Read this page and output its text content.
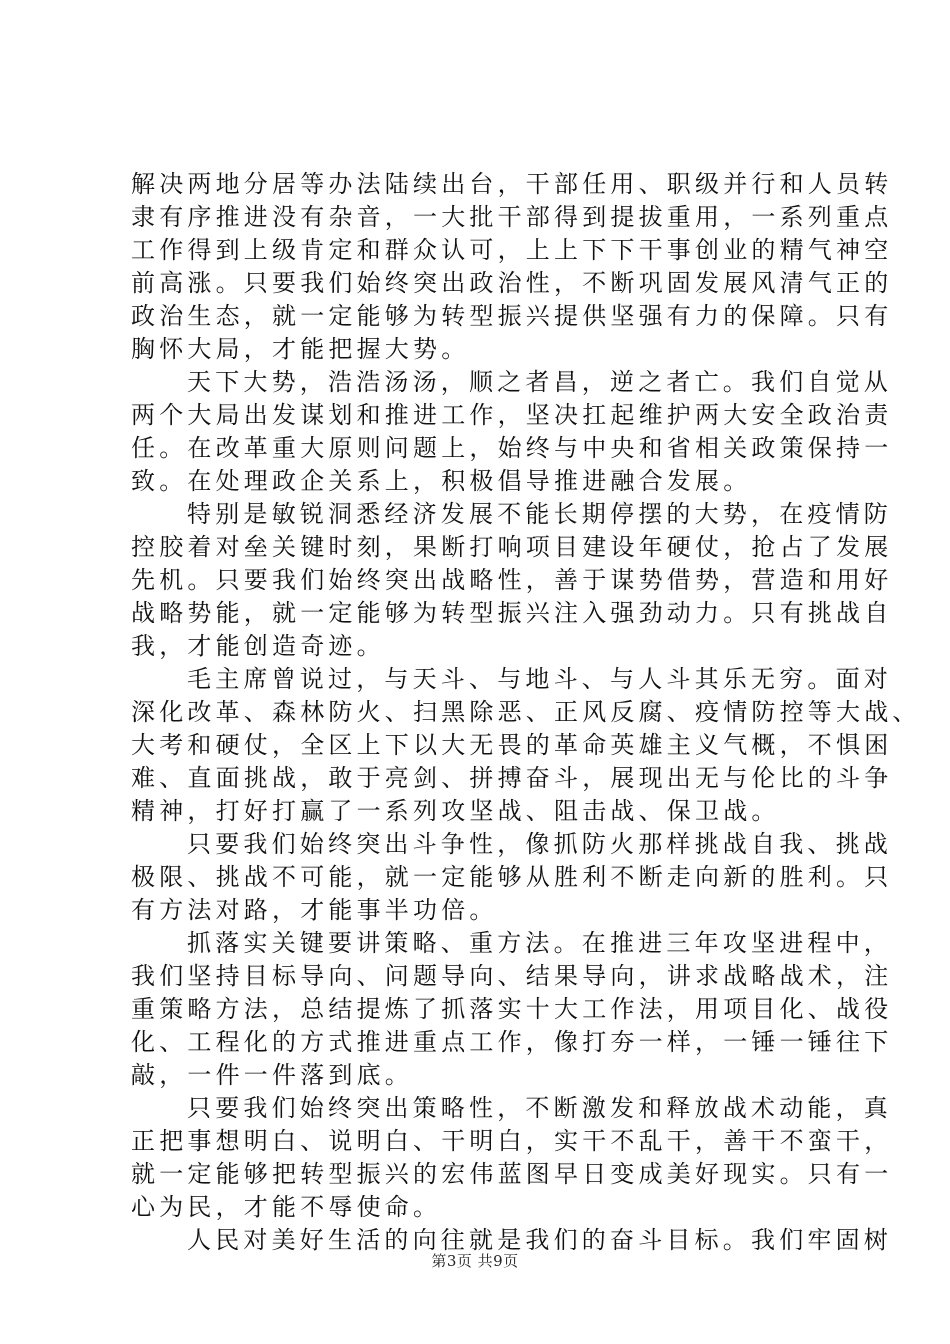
解决两地分居等办法陆续出台，干部任用、职级并行和人员转
隶有序推进没有杂音，一大批干部得到提拔重用，一系列重点
工作得到上级肯定和群众认可，上上下下干事创业的精气神空
前高涨。只要我们始终突出政治性，不断巩固发展风清气正的
政治生态，就一定能够为转型振兴提供坚强有力的保障。只有
胸怀大局，才能把握大势。
天下大势，浩浩汤汤，顺之者昌，逆之者亡。我们自觉从
两个大局出发谋划和推进工作，坚决扛起维护两大安全政治责
任。在改革重大原则问题上，始终与中央和省相关政策保持一
致。在处理政企关系上，积极倡导推进融合发展。
特别是敏锐洞悉经济发展不能长期停摆的大势，在疫情防
控胶着对垒关键时刻，果断打响项目建设年硬仗，抢占了发展
先机。只要我们始终突出战略性，善于谋势借势，营造和用好
战略势能，就一定能够为转型振兴注入强劲动力。只有挑战自
我，才能创造奇迹。
毛主席曾说过，与天斗、与地斗、与人斗其乐无穷。面对
深化改革、森林防火、扫黑除恶、正风反腐、疫情防控等大战、
大考和硬仗，全区上下以大无畏的革命英雄主义气概，不惧困
难、直面挑战，敢于亮剑、拼搏奋斗，展现出无与伦比的斗争
精神，打好打赢了一系列攻坚战、阻击战、保卫战。
只要我们始终突出斗争性，像抓防火那样挑战自我、挑战
极限、挑战不可能，就一定能够从胜利不断走向新的胜利。只
有方法对路，才能事半功倍。
抓落实关键要讲策略、重方法。在推进三年攻坚进程中，
我们坚持目标导向、问题导向、结果导向，讲求战略战术，注
重策略方法，总结提炼了抓落实十大工作法，用项目化、战役
化、工程化的方式推进重点工作，像打夯一样，一锤一锤往下
敲，一件一件落到底。
只要我们始终突出策略性，不断激发和释放战术动能，真
正把事想明白、说明白、干明白，实干不乱干，善干不蛮干，
就一定能够把转型振兴的宏伟蓝图早日变成美好现实。只有一
心为民，才能不辱使命。
人民对美好生活的向往就是我们的奋斗目标。我们牢固树
第3页 共9页
